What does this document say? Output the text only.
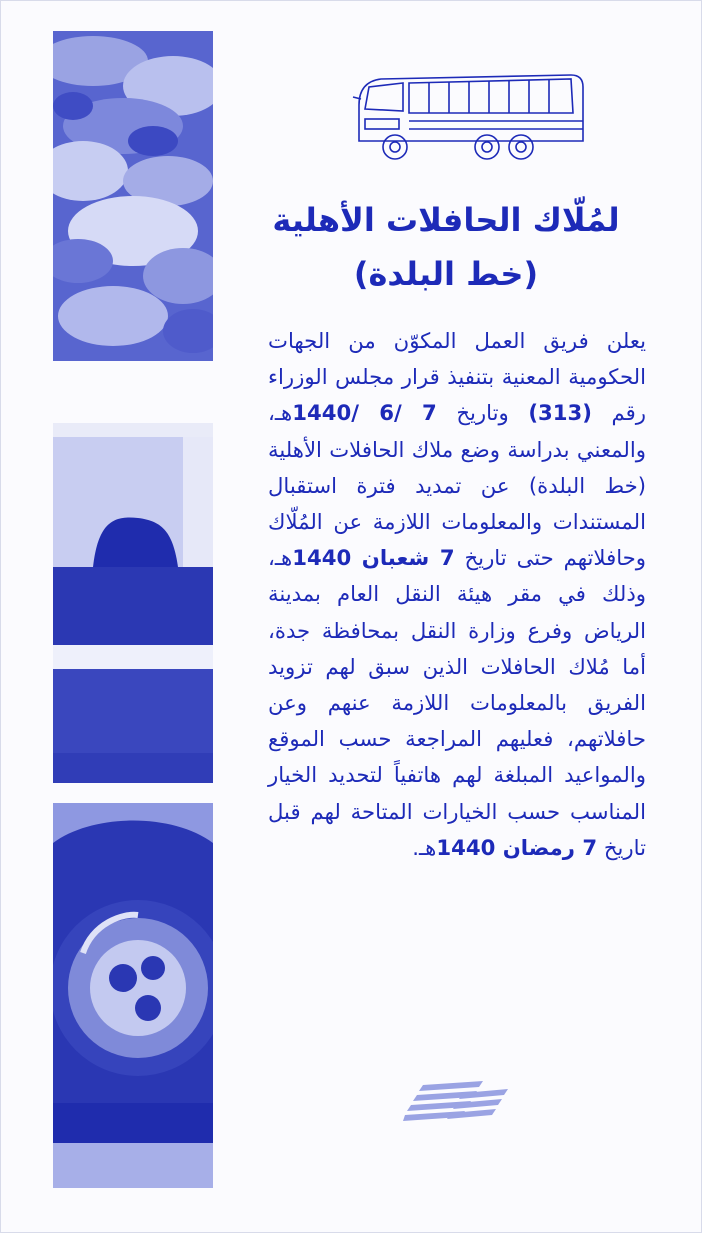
لمُلّاك الحافلات الأهلية
(خط البلدة)
يعلن فريق العمل المكوّن من الجهات الحكومية المعنية بتنفيذ قرار مجلس الوزراء رقم (313) وتاريخ 7 /6 /1440هـ، والمعني بدراسة وضع ملاك الحافلات الأهلية (خط البلدة) عن تمديد فترة استقبال المستندات والمعلومات اللازمة عن المُلّاك وحافلاتهم حتى تاريخ 7 شعبان 1440هـ، وذلك في مقر هيئة النقل العام بمدينة الرياض وفرع وزارة النقل بمحافظة جدة، أما مُلاك الحافلات الذين سبق لهم تزويد الفريق بالمعلومات اللازمة عنهم وعن حافلاتهم، فعليهم المراجعة حسب الموقع والمواعيد المبلغة لهم هاتفياً لتحديد الخيار المناسب حسب الخيارات المتاحة لهم قبل تاريخ 7 رمضان 1440هـ.
